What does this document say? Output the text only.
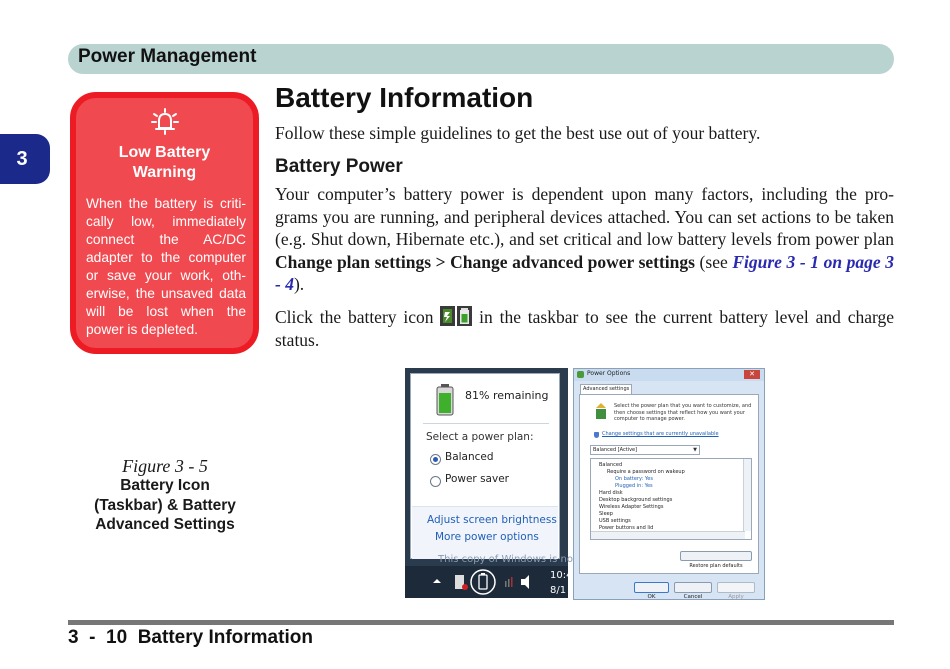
Power Management
3	Low Battery
Warning
When the battery is criti-cally low, immediately connect the AC/DC adapter to the computer or save your work, oth-erwise, the unsaved data will be lost when the power is depleted.
Battery Information
Follow these simple guidelines to get the best use out of your battery.
Battery Power
Your computer’s battery power is dependent upon many factors, including the pro-grams you are running, and peripheral devices attached. You can set actions to be taken (e.g. Shut down, Hibernate etc.), and set critical and low battery levels from power plan Change plan settings > Change advanced power settings (see Figure 3 - 1 on page 3 - 4).
Click the battery icon  in the taskbar to see the current battery level and charge status.
Figure 3 - 5
Battery Icon
(Taskbar) & Battery
Advanced Settings
81% remaining
Select a power plan:
Balanced
Power saver
Adjust screen brightness
More power options
This copy of Windows is no
10:4
8/1
Power Options	✕
Advanced settings
Select the power plan that you want to customize, and then choose settings that reflect how you want your computer to manage power.
Change settings that are currently unavailable
Balanced [Active]	▼
Balanced
Require a password on wakeup
On battery: Yes
Plugged in: Yes
Hard disk
Desktop background settings
Wireless Adapter Settings
Sleep
USB settings
Power buttons and lid
Restore plan defaults
OK	Cancel	Apply
3  -  10  Battery Information
